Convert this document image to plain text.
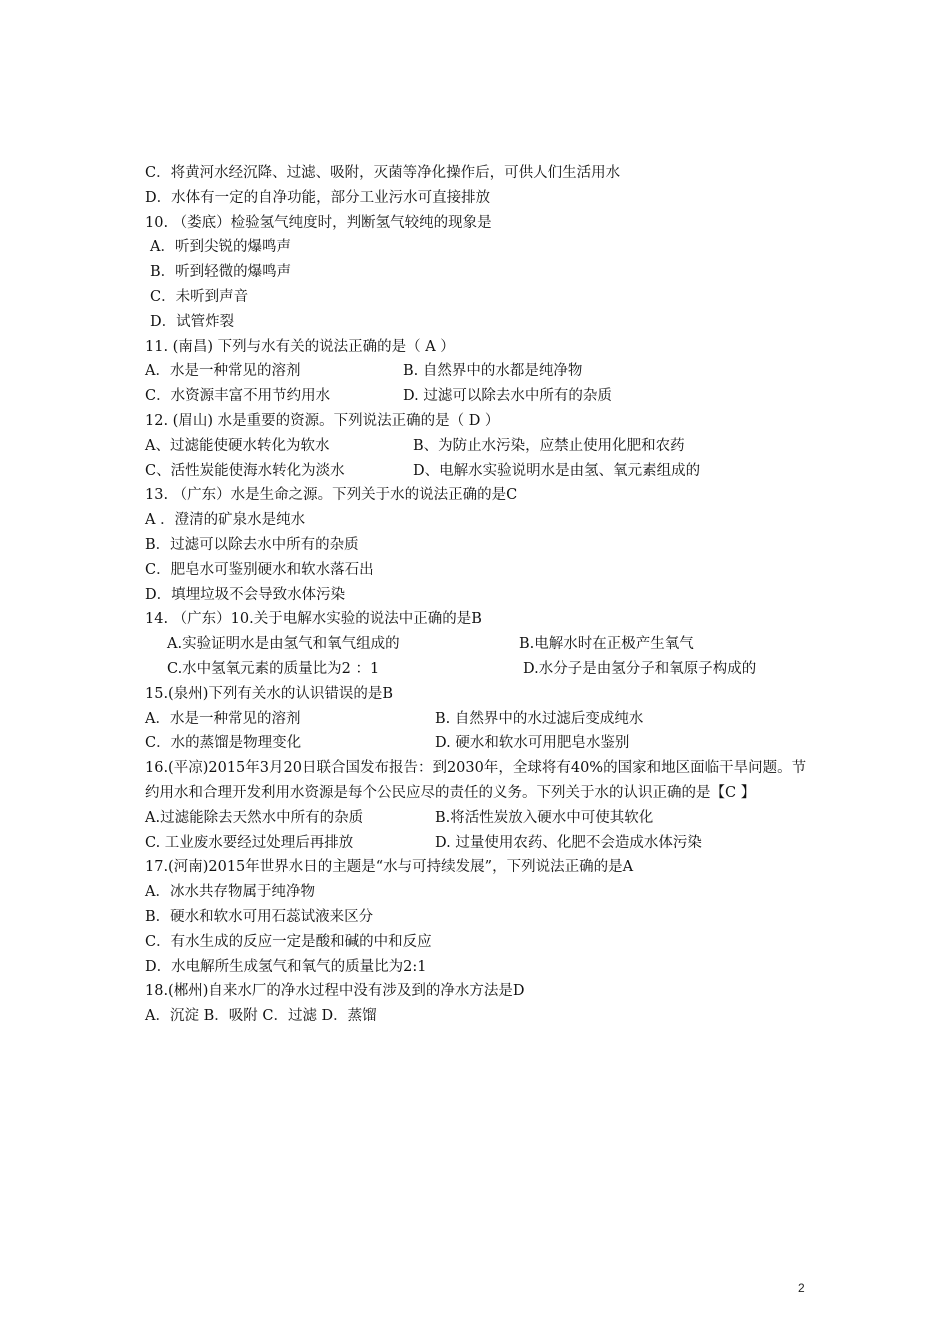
C．将黄河水经沉降、过滤、吸附，灭菌等净化操作后，可供人们生活用水
D．水体有一定的自净功能，部分工业污水可直接排放
10. （娄底）检验氢气纯度时，判断氢气较纯的现象是
A．听到尖锐的爆鸣声
B．听到轻微的爆鸣声
C．未听到声音
D．试管炸裂
11. (南昌) 下列与水有关的说法正确的是（ A ）
A．水是一种常见的溶剂	B. 自然界中的水都是纯净物
C．水资源丰富不用节约用水	D. 过滤可以除去水中所有的杂质
12. (眉山) 水是重要的资源。下列说法正确的是（ D ）
A、过滤能使硬水转化为软水	B、为防止水污染，应禁止使用化肥和农药
C、活性炭能使海水转化为淡水	D、电解水实验说明水是由氢、氧元素组成的
13. （广东）水是生命之源。下列关于水的说法正确的是C
A ．澄清的矿泉水是纯水
B．过滤可以除去水中所有的杂质
C．肥皂水可鉴别硬水和软水落石出
D．填埋垃圾不会导致水体污染
14. （广东）10.关于电解水实验的说法中正确的是B
A.实验证明水是由氢气和氧气组成的	B.电解水时在正极产生氧气
C.水中氢氧元素的质量比为2 ：1	D.水分子是由氢分子和氧原子构成的
15.(泉州)下列有关水的认识错误的是B
A．水是一种常见的溶剂	B. 自然界中的水过滤后变成纯水
C．水的蒸馏是物理变化	D. 硬水和软水可用肥皂水鉴别
16.(平凉)2015年3月20日联合国发布报告：到2030年，全球将有40%的国家和地区面临干旱问题。节约用水和合理开发利用水资源是每个公民应尽的责任的义务。下列关于水的认识正确的是【C 】
A.过滤能除去天然水中所有的杂质	B.将活性炭放入硬水中可使其软化
C. 工业废水要经过处理后再排放	D. 过量使用农药、化肥不会造成水体污染
17.(河南)2015年世界水日的主题是“水与可持续发展”，下列说法正确的是A
A．冰水共存物属于纯净物
B．硬水和软水可用石蕊试液来区分
C．有水生成的反应一定是酸和碱的中和反应
D．水电解所生成氢气和氧气的质量比为2:1
18.(郴州)自来水厂的净水过程中没有涉及到的净水方法是D
A．沉淀 B．吸附 C．过滤 D．蒸馏
2
